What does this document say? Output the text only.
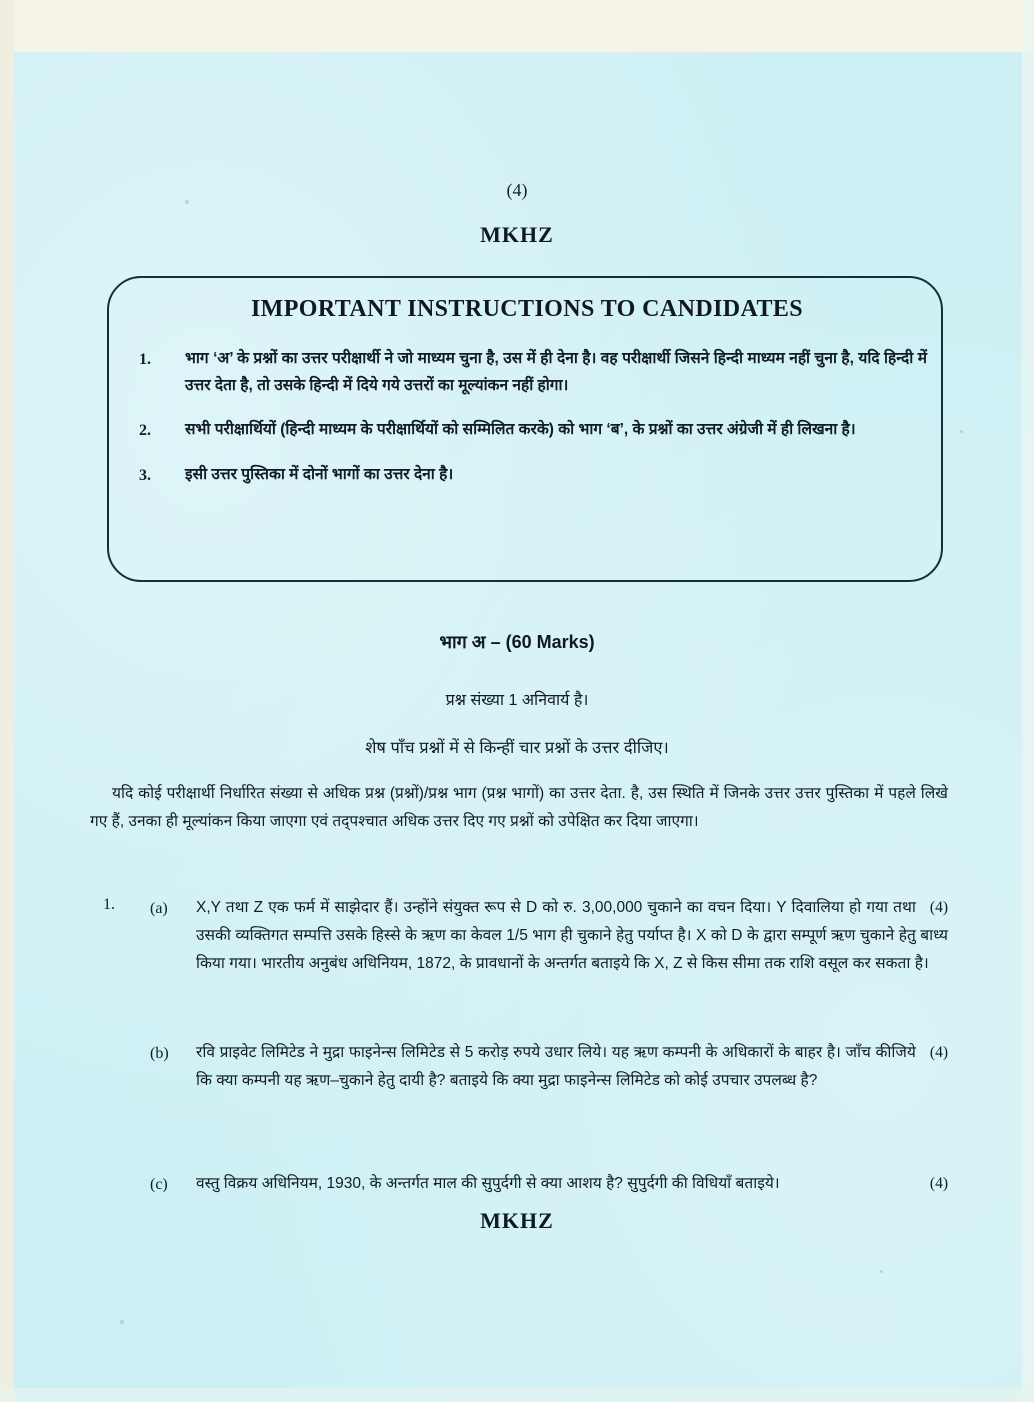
(4)
MKHZ
IMPORTANT INSTRUCTIONS TO CANDIDATES
1. भाग ‘अ’ के प्रश्नों का उत्तर परीक्षार्थी ने जो माध्यम चुना है, उस में ही देना है। वह परीक्षार्थी जिसने हिन्दी माध्यम नहीं चुना है, यदि हिन्दी में उत्तर देता है, तो उसके हिन्दी में दिये गये उत्तरों का मूल्यांकन नहीं होगा।
2. सभी परीक्षार्थियों (हिन्दी माध्यम के परीक्षार्थियों को सम्मिलित करके) को भाग ‘ब’, के प्रश्नों का उत्तर अंग्रेजी में ही लिखना है।
3. इसी उत्तर पुस्तिका में दोनों भागों का उत्तर देना है।
भाग अ – (60 Marks)
प्रश्न संख्या 1 अनिवार्य है।
शेष पाँच प्रश्नों में से किन्हीं चार प्रश्नों के उत्तर दीजिए।
यदि कोई परीक्षार्थी निर्धारित संख्या से अधिक प्रश्न (प्रश्नों)/प्रश्न भाग (प्रश्न भागों) का उत्तर देता. है, उस स्थिति में जिनके उत्तर उत्तर पुस्तिका में पहले लिखे गए हैं, उनका ही मूल्यांकन किया जाएगा एवं तद्पश्चात अधिक उत्तर दिए गए प्रश्नों को उपेक्षित कर दिया जाएगा।
1. (a)	(4)
X,Y तथा Z एक फर्म में साझेदार हैं। उन्होंने संयुक्त रूप से D को रु. 3,00,000 चुकाने का वचन दिया। Y दिवालिया हो गया तथा उसकी व्यक्तिगत सम्पत्ति उसके हिस्से के ऋण का केवल 1/5 भाग ही चुकाने हेतु पर्याप्त है। X को D के द्वारा सम्पूर्ण ऋण चुकाने हेतु बाध्य किया गया। भारतीय अनुबंध अधिनियम, 1872, के प्रावधानों के अन्तर्गत बताइये कि X, Z से किस सीमा तक राशि वसूल कर सकता है।
(b)	(4)
रवि प्राइवेट लिमिटेड ने मुद्रा फाइनेन्स लिमिटेड से 5 करोड़ रुपये उधार लिये। यह ऋण कम्पनी के अधिकारों के बाहर है। जाँच कीजिये कि क्या कम्पनी यह ऋण–चुकाने हेतु दायी है? बताइये कि क्या मुद्रा फाइनेन्स लिमिटेड को कोई उपचार उपलब्ध है?
(c)	(4)
वस्तु विक्रय अधिनियम, 1930, के अन्तर्गत माल की सुपुर्दगी से क्या आशय है? सुपुर्दगी की विधियाँ बताइये।
MKHZ
